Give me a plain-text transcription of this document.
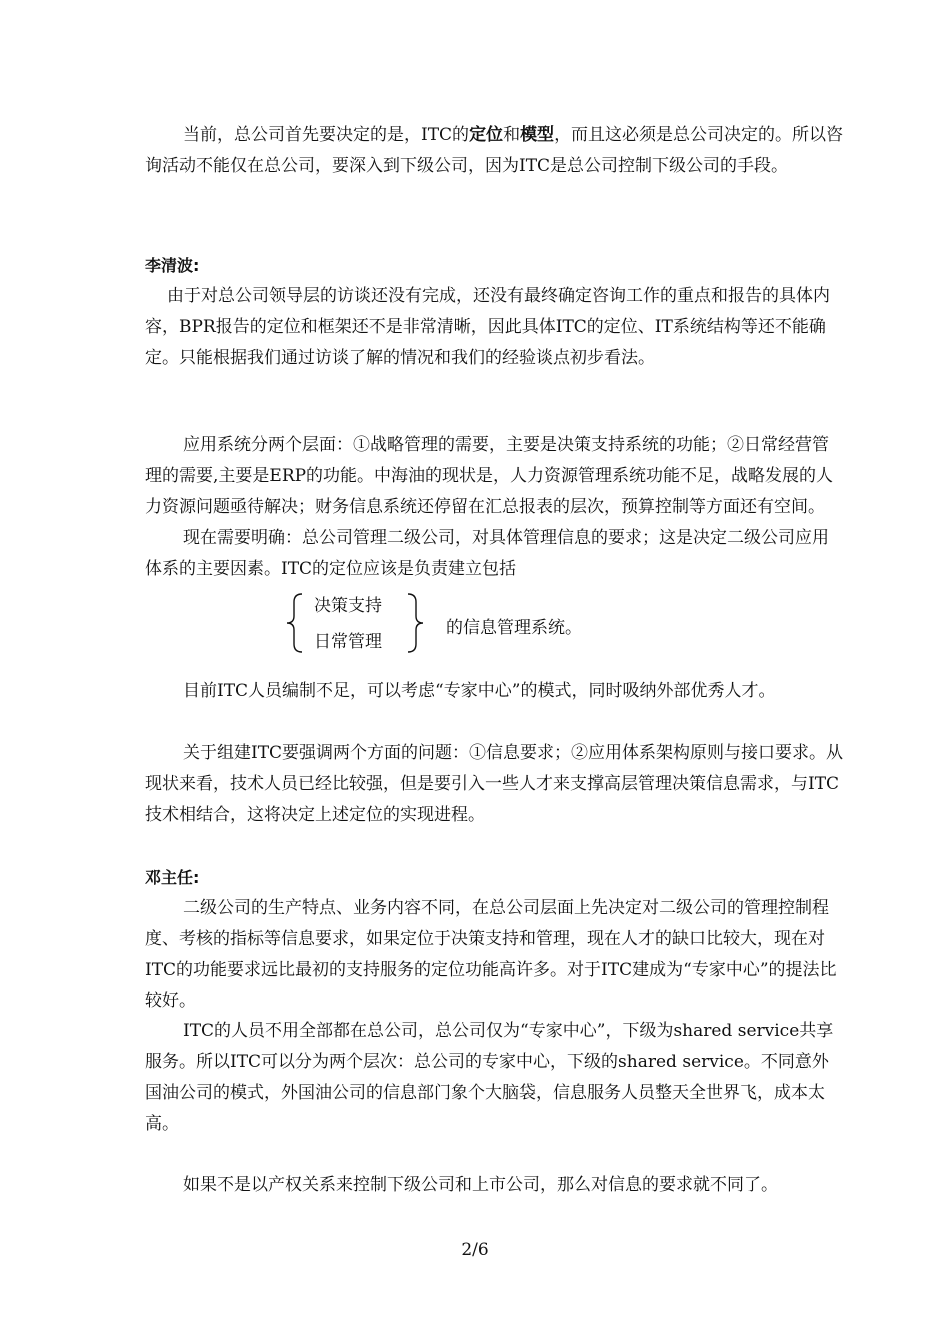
当前，总公司首先要决定的是，ITC的定位和模型，而且这必须是总公司决定的。所以咨询活动不能仅在总公司，要深入到下级公司，因为ITC是总公司控制下级公司的手段。

李清波:

由于对总公司领导层的访谈还没有完成，还没有最终确定咨询工作的重点和报告的具体内容，BPR报告的定位和框架还不是非常清晰，因此具体ITC的定位、IT系统结构等还不能确定。只能根据我们通过访谈了解的情况和我们的经验谈点初步看法。

应用系统分两个层面：①战略管理的需要，主要是决策支持系统的功能；②日常经营管理的需要,主要是ERP的功能。中海油的现状是，人力资源管理系统功能不足，战略发展的人力资源问题亟待解决；财务信息系统还停留在汇总报表的层次，预算控制等方面还有空间。

现在需要明确：总公司管理二级公司，对具体管理信息的要求；这是决定二级公司应用体系的主要因素。ITC的定位应该是负责建立包括

决策支持
日常管理
的信息管理系统。

目前ITC人员编制不足，可以考虑“专家中心”的模式，同时吸纳外部优秀人才。

关于组建ITC要强调两个方面的问题：①信息要求；②应用体系架构原则与接口要求。从现状来看，技术人员已经比较强，但是要引入一些人才来支撑高层管理决策信息需求，与ITC技术相结合，这将决定上述定位的实现进程。

邓主任:

二级公司的生产特点、业务内容不同，在总公司层面上先决定对二级公司的管理控制程度、考核的指标等信息要求，如果定位于决策支持和管理，现在人才的缺口比较大，现在对ITC的功能要求远比最初的支持服务的定位功能高许多。对于ITC建成为“专家中心”的提法比较好。

ITC的人员不用全部都在总公司，总公司仅为“专家中心”，下级为shared service共享服务。所以ITC可以分为两个层次：总公司的专家中心，下级的shared service。不同意外国油公司的模式，外国油公司的信息部门象个大脑袋，信息服务人员整天全世界飞，成本太高。

如果不是以产权关系来控制下级公司和上市公司，那么对信息的要求就不同了。

2/6
